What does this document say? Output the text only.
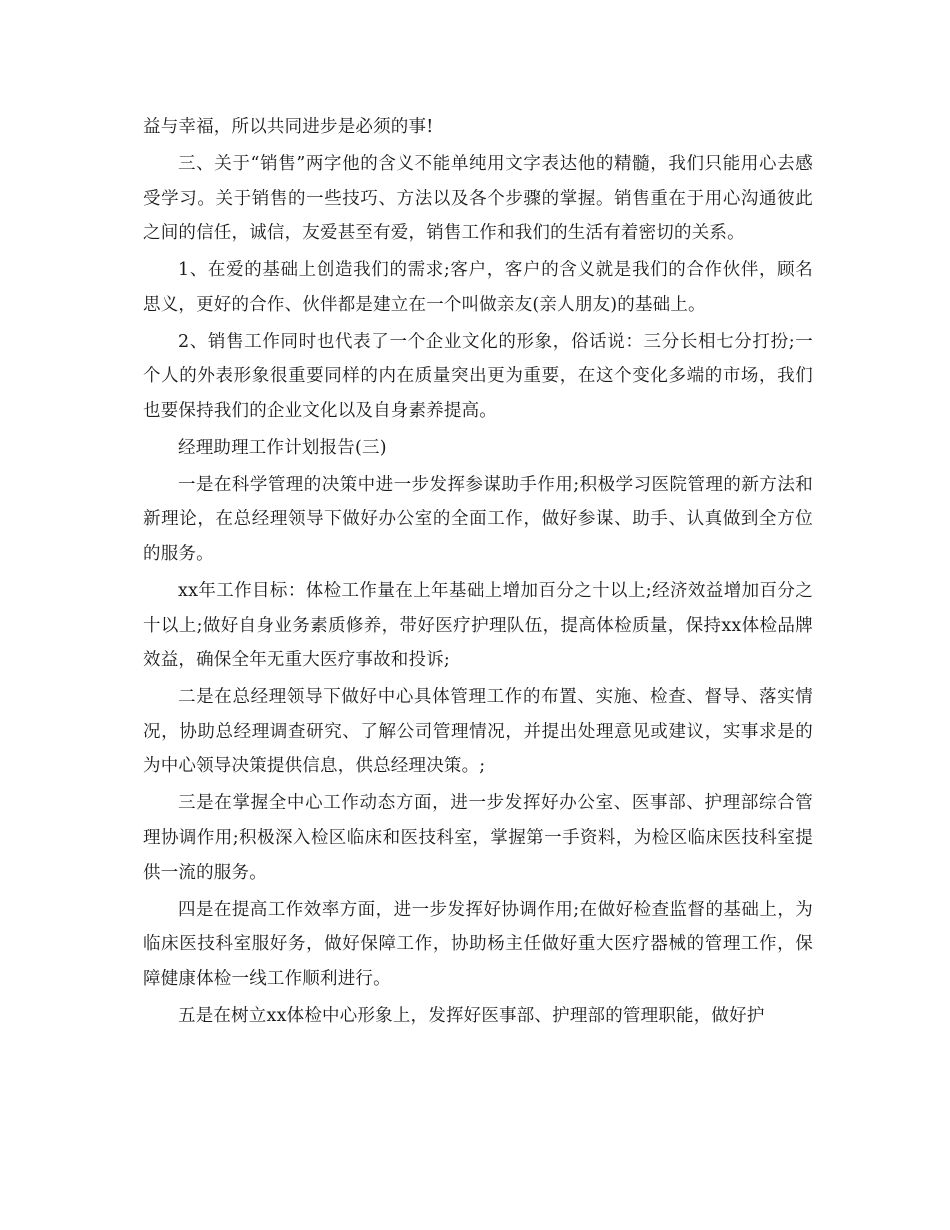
益与幸福，所以共同进步是必须的事!

三、关于“销售”两字他的含义不能单纯用文字表达他的精髓，我们只能用心去感受学习。关于销售的一些技巧、方法以及各个步骤的掌握。销售重在于用心沟通彼此之间的信任，诚信，友爱甚至有爱，销售工作和我们的生活有着密切的关系。

1、在爱的基础上创造我们的需求;客户，客户的含义就是我们的合作伙伴，顾名思义，更好的合作、伙伴都是建立在一个叫做亲友(亲人朋友)的基础上。

2、销售工作同时也代表了一个企业文化的形象，俗话说：三分长相七分打扮;一个人的外表形象很重要同样的内在质量突出更为重要，在这个变化多端的市场，我们也要保持我们的企业文化以及自身素养提高。

经理助理工作计划报告(三)

一是在科学管理的决策中进一步发挥参谋助手作用;积极学习医院管理的新方法和新理论，在总经理领导下做好办公室的全面工作，做好参谋、助手、认真做到全方位的服务。

xx年工作目标：体检工作量在上年基础上增加百分之十以上;经济效益增加百分之十以上;做好自身业务素质修养，带好医疗护理队伍，提高体检质量，保持xx体检品牌效益，确保全年无重大医疗事故和投诉;

二是在总经理领导下做好中心具体管理工作的布置、实施、检查、督导、落实情况，协助总经理调查研究、了解公司管理情况，并提出处理意见或建议，实事求是的为中心领导决策提供信息，供总经理决策。;

三是在掌握全中心工作动态方面，进一步发挥好办公室、医事部、护理部综合管理协调作用;积极深入检区临床和医技科室，掌握第一手资料，为检区临床医技科室提供一流的服务。

四是在提高工作效率方面，进一步发挥好协调作用;在做好检查监督的基础上，为临床医技科室服好务，做好保障工作，协助杨主任做好重大医疗器械的管理工作，保障健康体检一线工作顺利进行。

五是在树立xx体检中心形象上，发挥好医事部、护理部的管理职能，做好护
